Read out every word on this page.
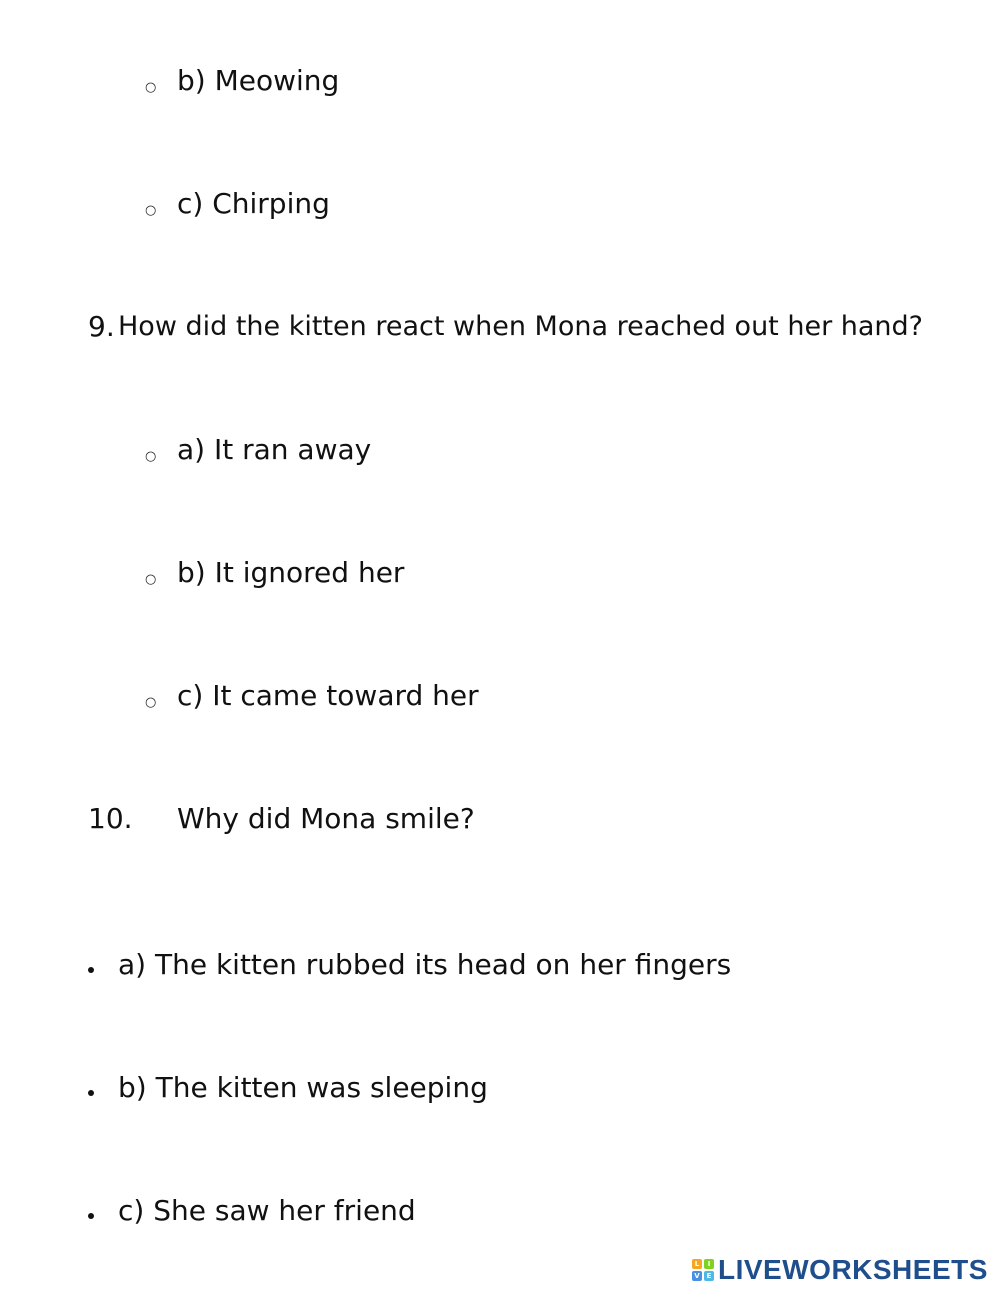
○ b) Meowing
○ c) Chirping
9. How did the kitten react when Mona reached out her hand?
○ a) It ran away
○ b) It ignored her
○ c) It came toward her
10. Why did Mona smile?
a) The kitten rubbed its head on her fingers
b) The kitten was sleeping
c) She saw her friend
L	I
V E LIVEWORKSHEETS
